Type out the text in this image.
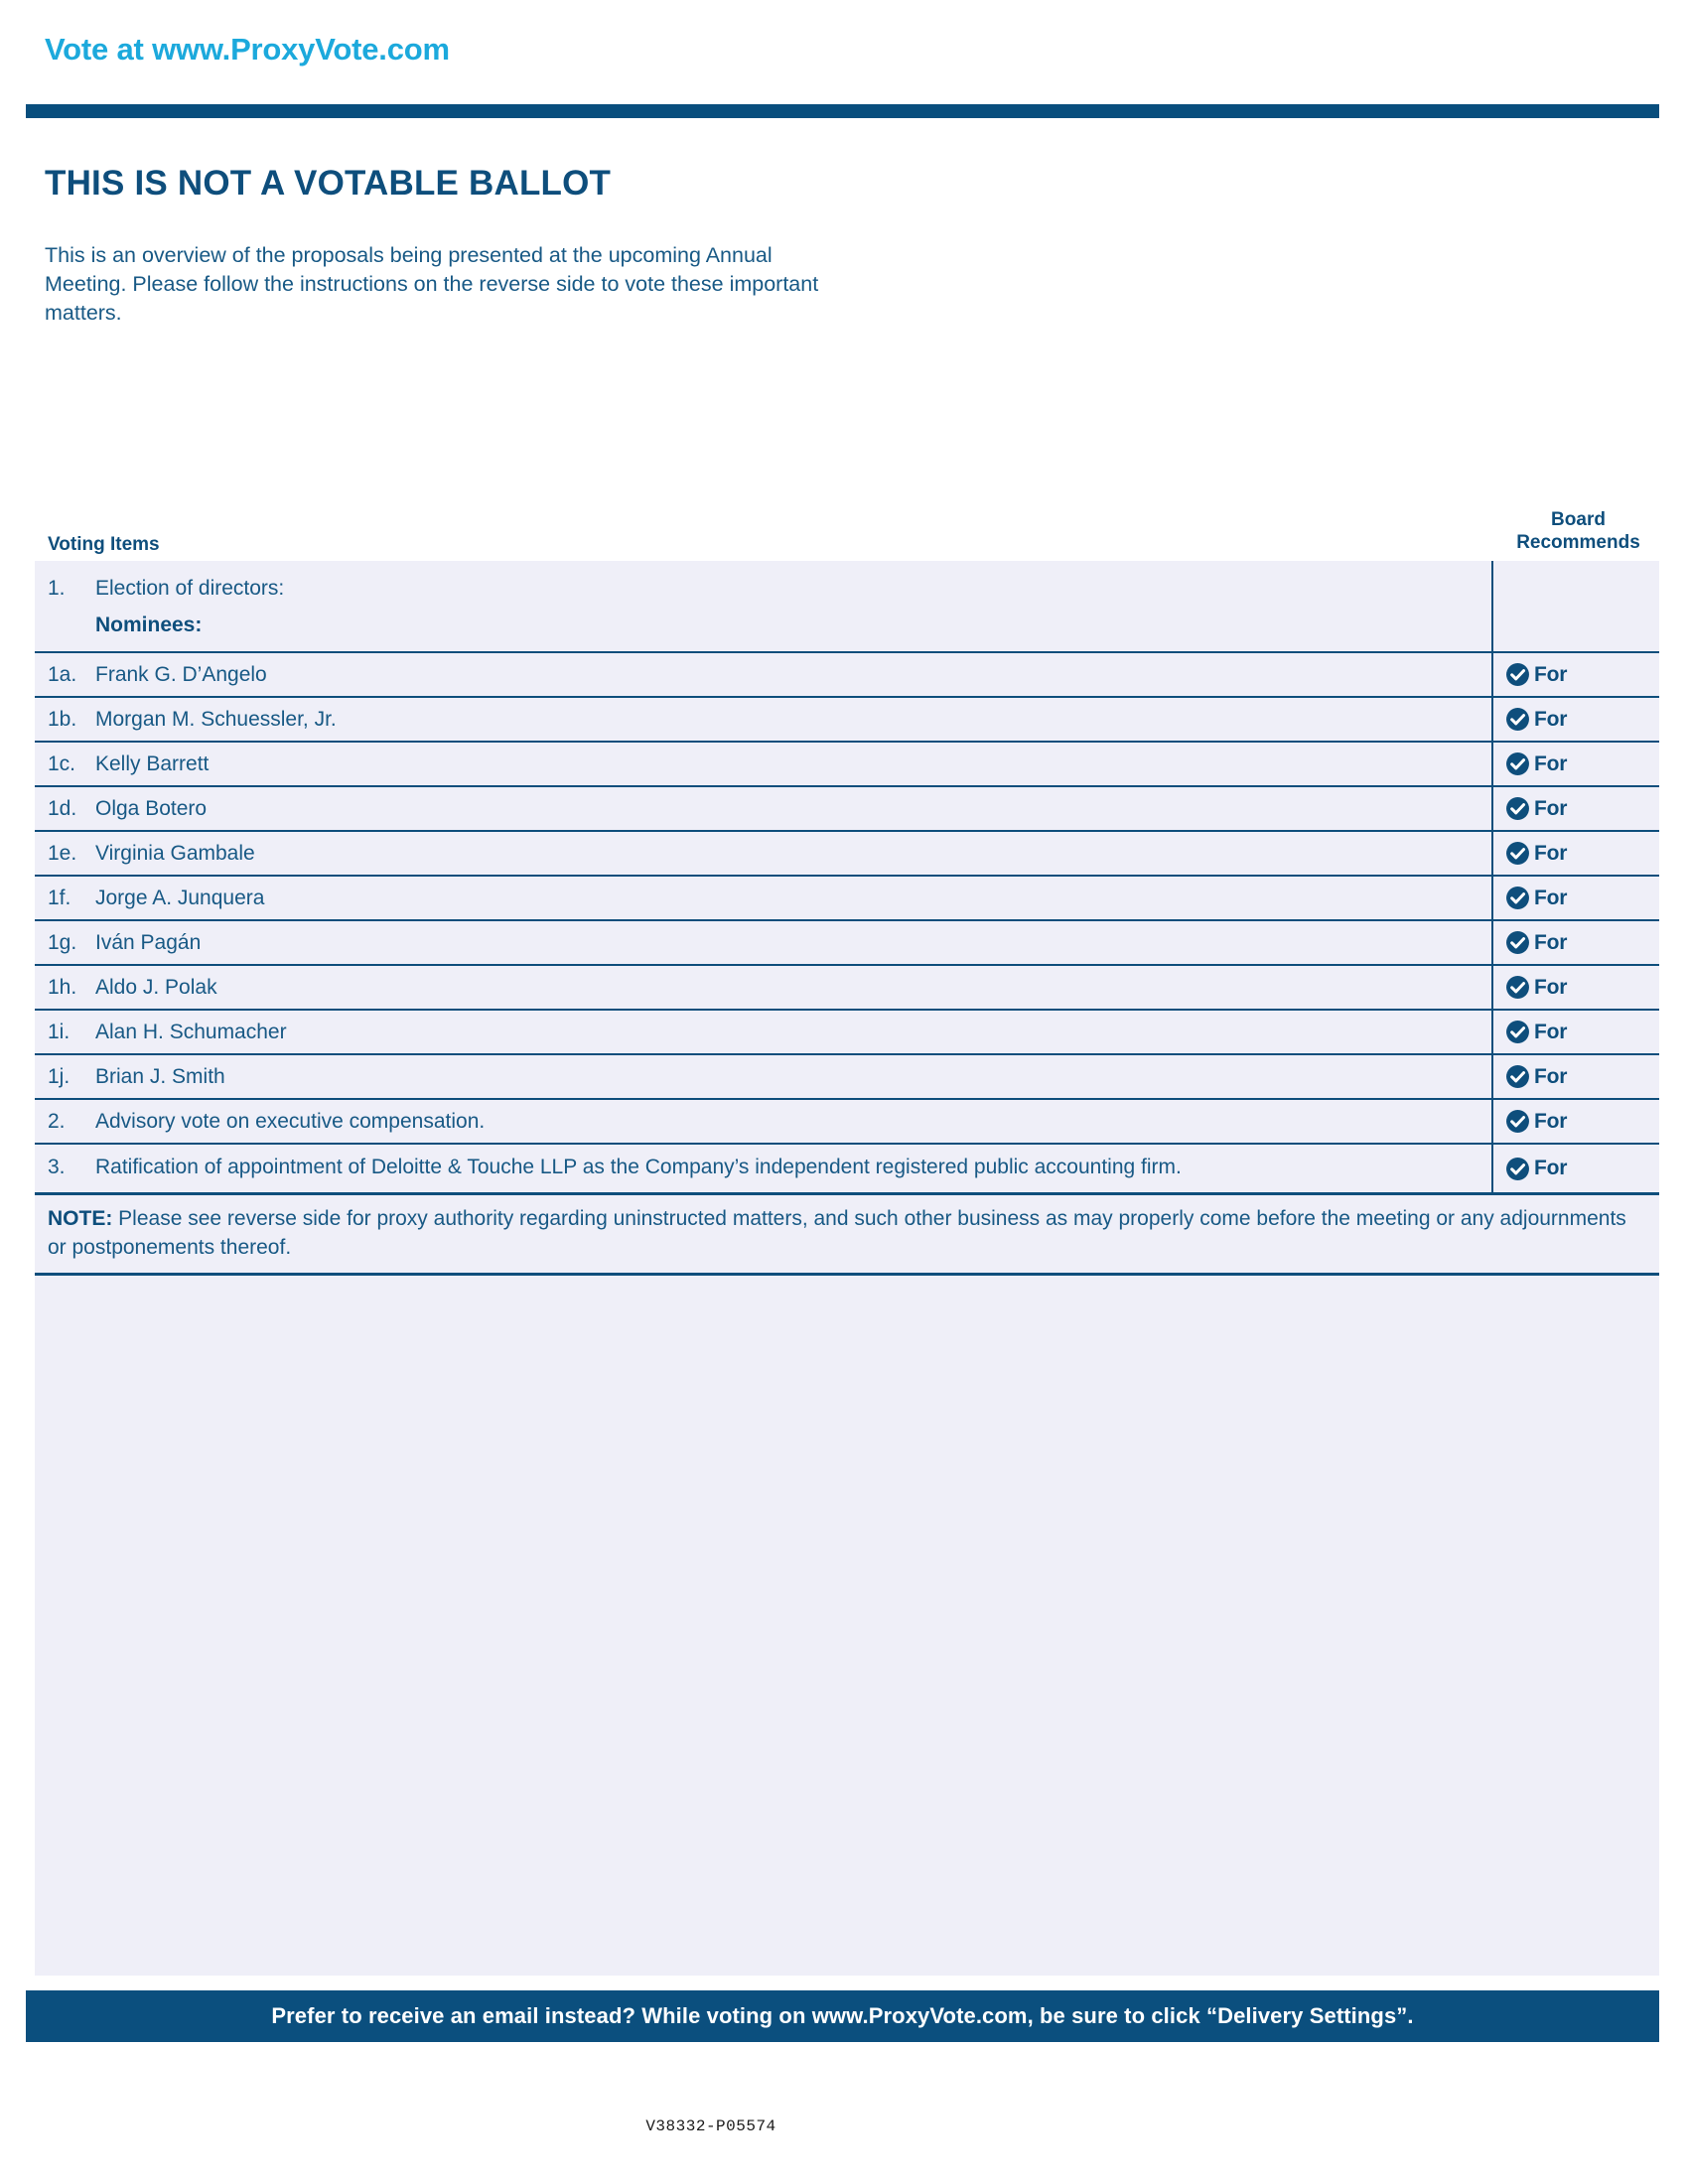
Vote at www.ProxyVote.com
THIS IS NOT A VOTABLE BALLOT
This is an overview of the proposals being presented at the upcoming Annual Meeting. Please follow the instructions on the reverse side to vote these important matters.
Voting Items
Board
Recommends
1.	Election of directors:
Nominees:
1a. Frank G. D’Angelo	For
1b. Morgan M. Schuessler, Jr.	For
1c. Kelly Barrett	For
1d. Olga Botero	For
1e. Virginia Gambale	For
1f.	Jorge A. Junquera	For
1g. Iván Pagán	For
1h. Aldo J. Polak	For
1i.	Alan H. Schumacher	For
1j.	Brian J. Smith	For
2.	Advisory vote on executive compensation.	For
3.	Ratification of appointment of Deloitte & Touche LLP as the Company’s independent registered public accounting firm.	For
NOTE: Please see reverse side for proxy authority regarding uninstructed matters, and such other business as may properly come before the meeting or any adjournments or postponements thereof.
Prefer to receive an email instead? While voting on www.ProxyVote.com, be sure to click “Delivery Settings”.
V38332-P05574
